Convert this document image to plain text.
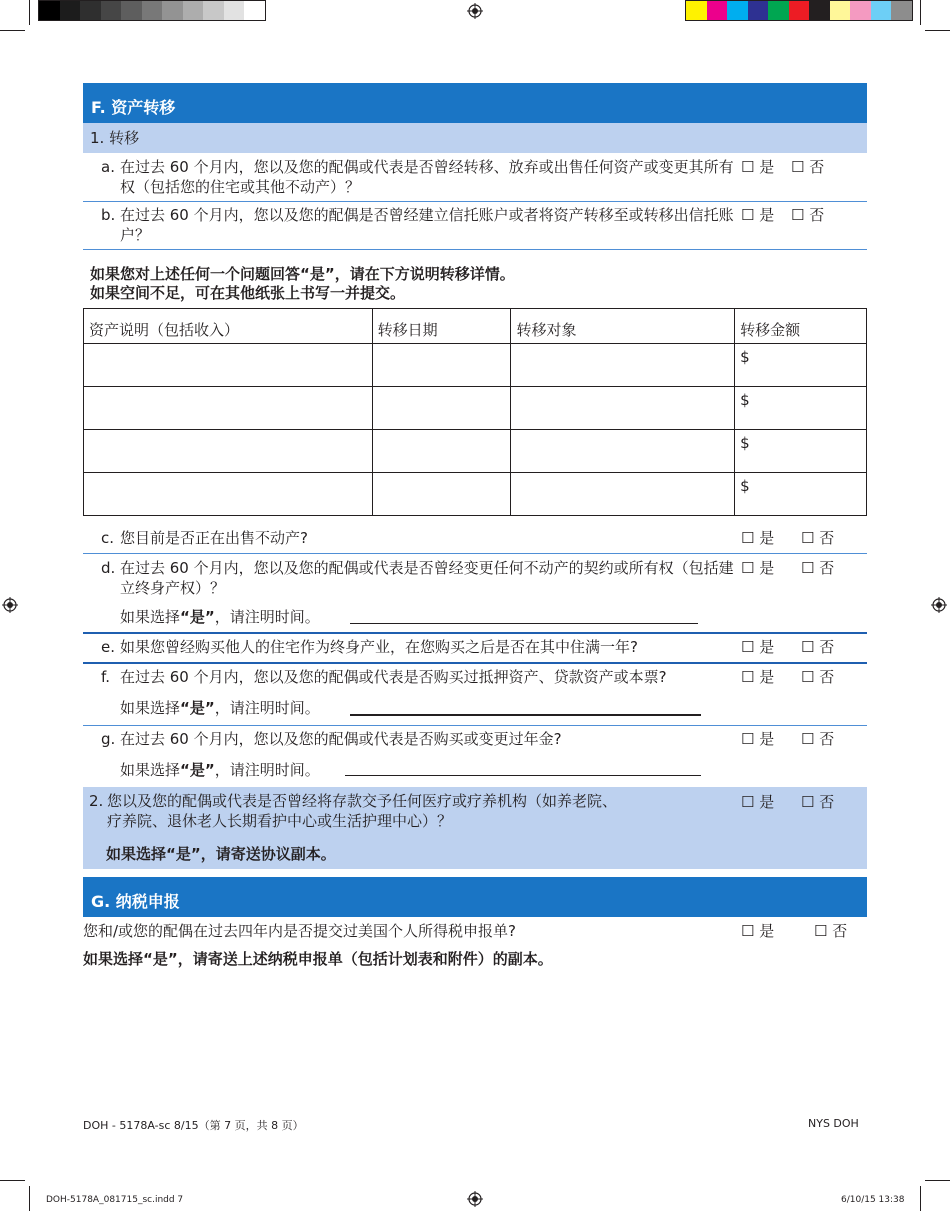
F. 资产转移
1. 转移
a. 在过去 60 个月内，您以及您的配偶或代表是否曾经转移、放弃或出售任何资产或变更其所有权（包括您的住宅或其他不动产）？
☐ 是 ☐ 否
b. 在过去 60 个月内，您以及您的配偶是否曾经建立信托账户或者将资产转移至或转移出信托账户？
☐ 是 ☐ 否
如果您对上述任何一个问题回答“是”，请在下方说明转移详情。
如果空间不足，可在其他纸张上书写一并提交。
资产说明（包括收入）	转移日期	转移对象	转移金额
			$
			$
			$
			$
c. 您目前是否正在出售不动产?	☐ 是 ☐ 否
d. 在过去 60 个月内，您以及您的配偶或代表是否曾经变更任何不动产的契约或所有权（包括建立终身产权）？
☐ 是 ☐ 否
如果选择“是”，请注明时间。
e. 如果您曾经购买他人的住宅作为终身产业，在您购买之后是否在其中住满一年?	☐ 是 ☐ 否
f. 在过去 60 个月内，您以及您的配偶或代表是否购买过抵押资产、贷款资产或本票?	☐ 是 ☐ 否
如果选择“是”，请注明时间。
g. 在过去 60 个月内，您以及您的配偶或代表是否购买或变更过年金?	☐ 是 ☐ 否
如果选择“是”，请注明时间。
2. 您以及您的配偶或代表是否曾经将存款交予任何医疗或疗养机构（如养老院、
疗养院、退休老人长期看护中心或生活护理中心）？
☐ 是 ☐ 否
如果选择“是”，请寄送协议副本。
G. 纳税申报
您和/或您的配偶在过去四年内是否提交过美国个人所得税申报单?	☐ 是	☐ 否
如果选择“是”，请寄送上述纳税申报单（包括计划表和附件）的副本。
DOH - 5178A-sc 8/15（第 7 页，共 8 页）	NYS DOH
DOH-5178A_081715_sc.indd 7	6/10/15 13:38
